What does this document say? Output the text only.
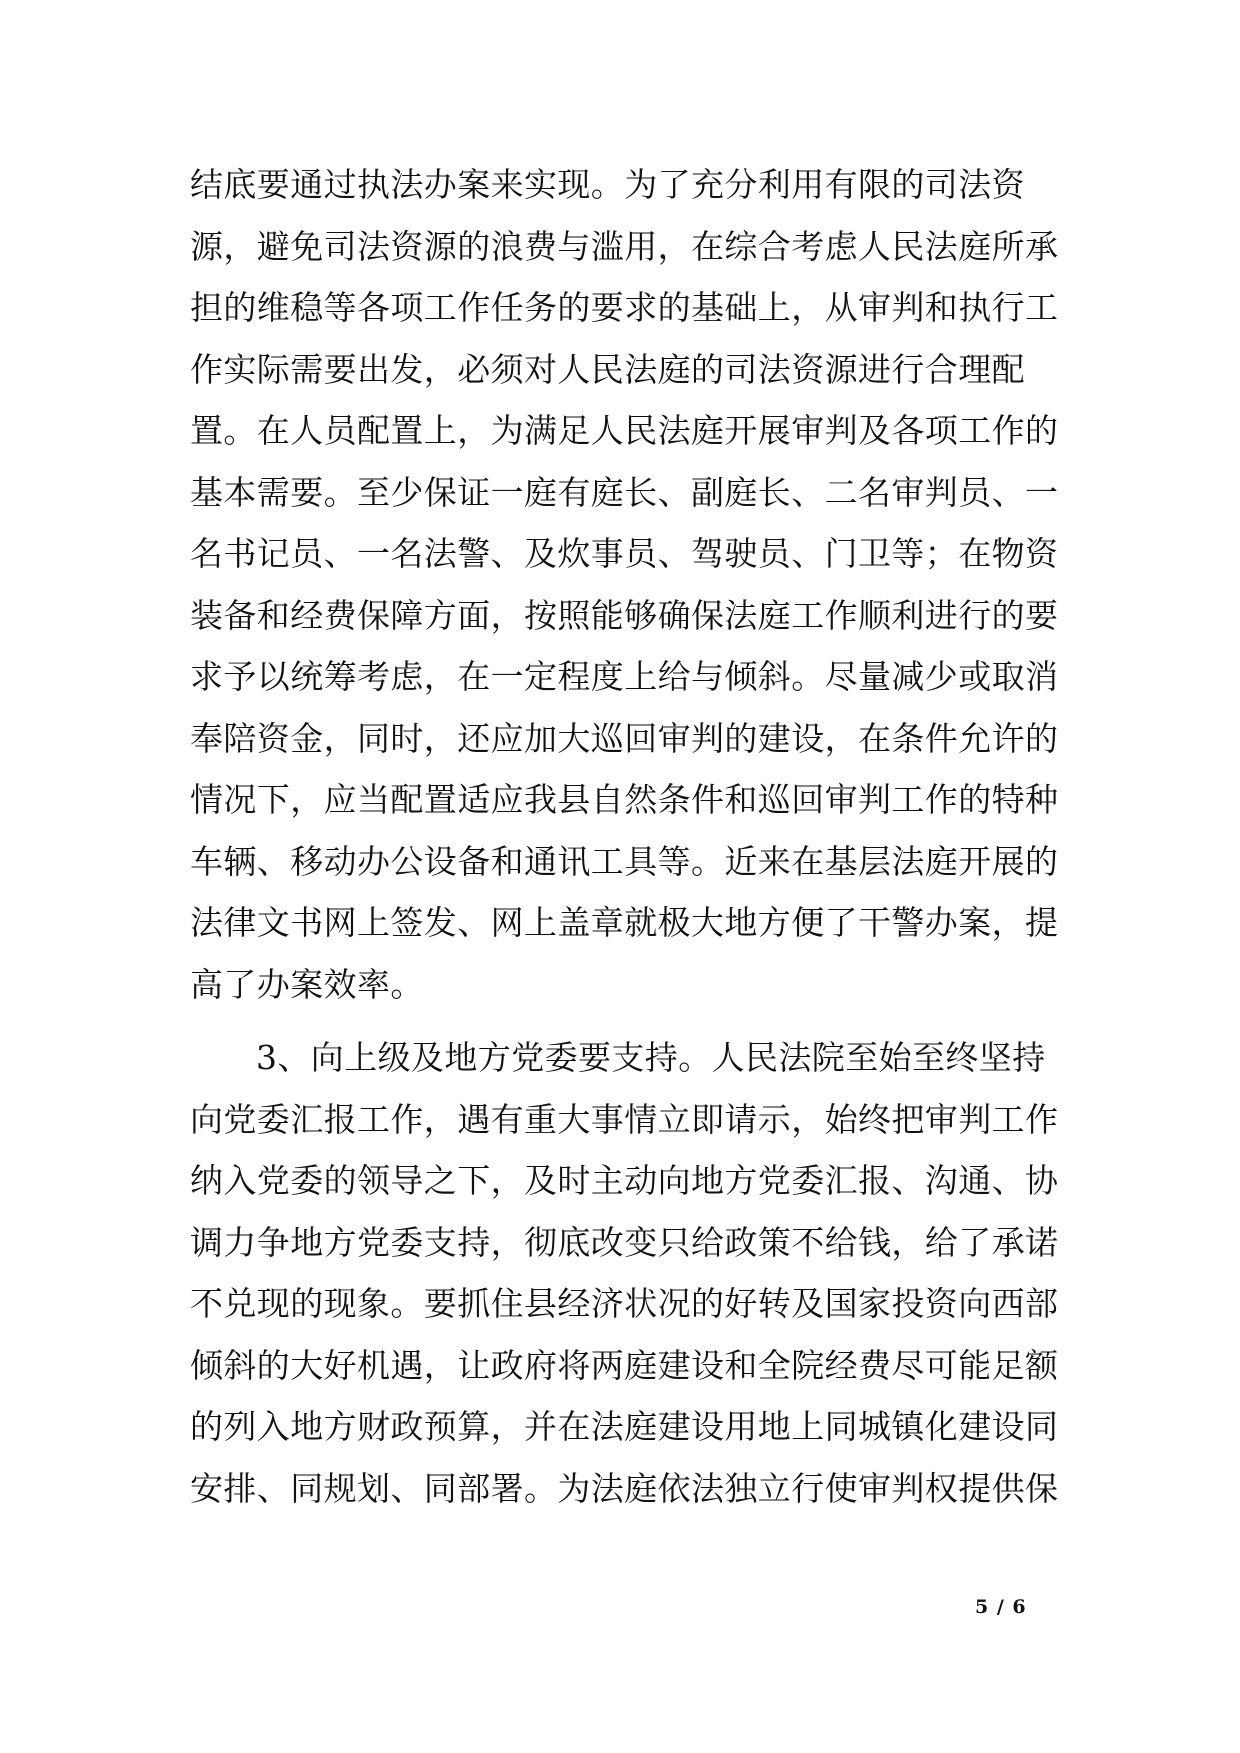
结底要通过执法办案来实现。为了充分利用有限的司法资
源，避免司法资源的浪费与滥用，在综合考虑人民法庭所承
担的维稳等各项工作任务的要求的基础上，从审判和执行工
作实际需要出发，必须对人民法庭的司法资源进行合理配
置。在人员配置上，为满足人民法庭开展审判及各项工作的
基本需要。至少保证一庭有庭长、副庭长、二名审判员、一
名书记员、一名法警、及炊事员、驾驶员、门卫等；在物资
装备和经费保障方面，按照能够确保法庭工作顺利进行的要
求予以统筹考虑，在一定程度上给与倾斜。尽量减少或取消
奉陪资金，同时，还应加大巡回审判的建设，在条件允许的
情况下，应当配置适应我县自然条件和巡回审判工作的特种
车辆、移动办公设备和通讯工具等。近来在基层法庭开展的
法律文书网上签发、网上盖章就极大地方便了干警办案，提
高了办案效率。
3、向上级及地方党委要支持。人民法院至始至终坚持
向党委汇报工作，遇有重大事情立即请示，始终把审判工作
纳入党委的领导之下，及时主动向地方党委汇报、沟通、协
调力争地方党委支持，彻底改变只给政策不给钱，给了承诺
不兑现的现象。要抓住县经济状况的好转及国家投资向西部
倾斜的大好机遇，让政府将两庭建设和全院经费尽可能足额
的列入地方财政预算，并在法庭建设用地上同城镇化建设同
安排、同规划、同部署。为法庭依法独立行使审判权提供保
5 / 6
